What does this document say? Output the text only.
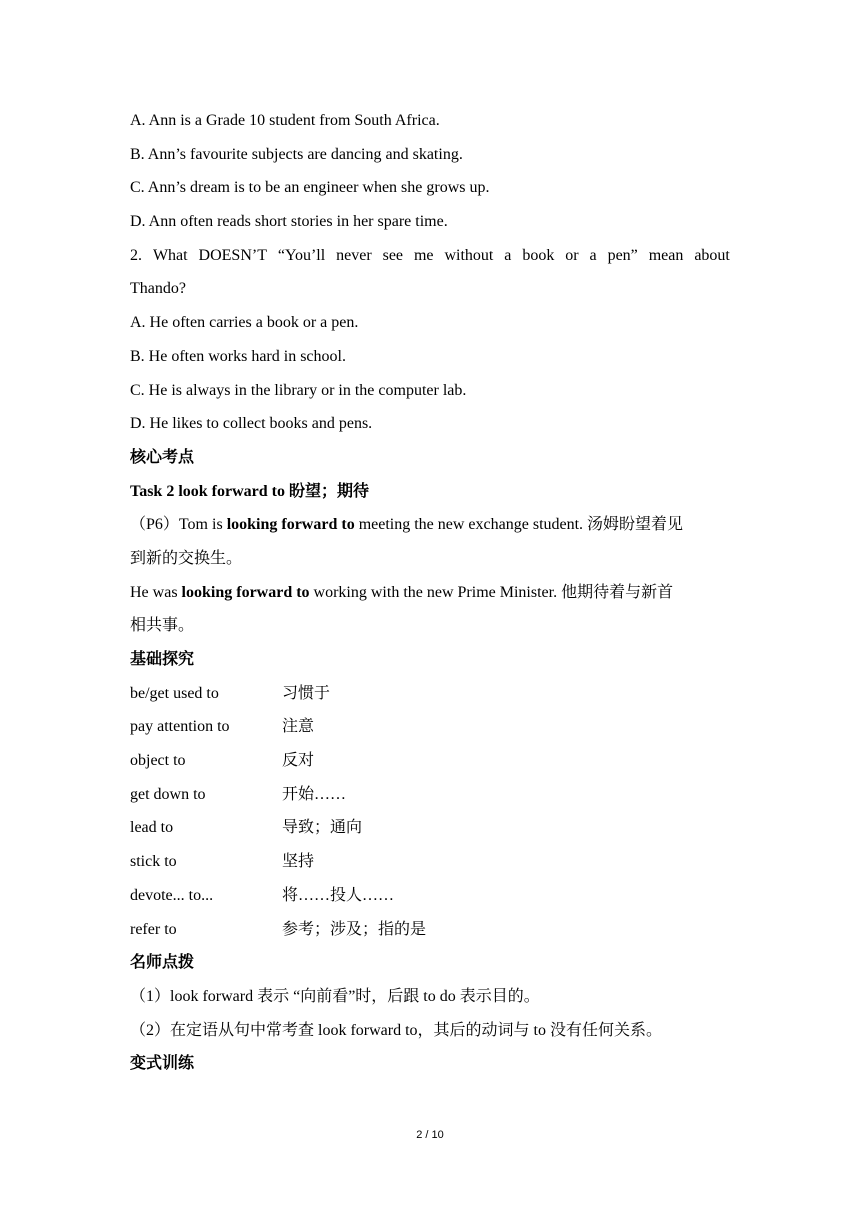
A. Ann is a Grade 10 student from South Africa.
B. Ann’s favourite subjects are dancing and skating.
C. Ann’s dream is to be an engineer when she grows up.
D. Ann often reads short stories in her spare time.
2. What DOESN’T “You’ll never see me without a book or a pen” mean about
Thando?
A. He often carries a book or a pen.
B. He often works hard in school.
C. He is always in the library or in the computer lab.
D. He likes to collect books and pens.
核心考点
Task 2 look forward to 盼望；期待
（P6）Tom is looking forward to meeting the new exchange student. 汤姆盼望着见
到新的交换生。
He was looking forward to working with the new Prime Minister. 他期待着与新首
相共事。
基础探究
be/get used to	习惯于
pay attention to	注意
object to	反对
get down to	开始……
lead to	导致；通向
stick to	坚持
devote... to...	将……投人……
refer to	参考；涉及；指的是
名师点拨
（1）look forward 表示 “向前看”时，后跟 to do 表示目的。
（2）在定语从句中常考查 look forward to，其后的动词与 to 没有任何关系。
变式训练
2 / 10
